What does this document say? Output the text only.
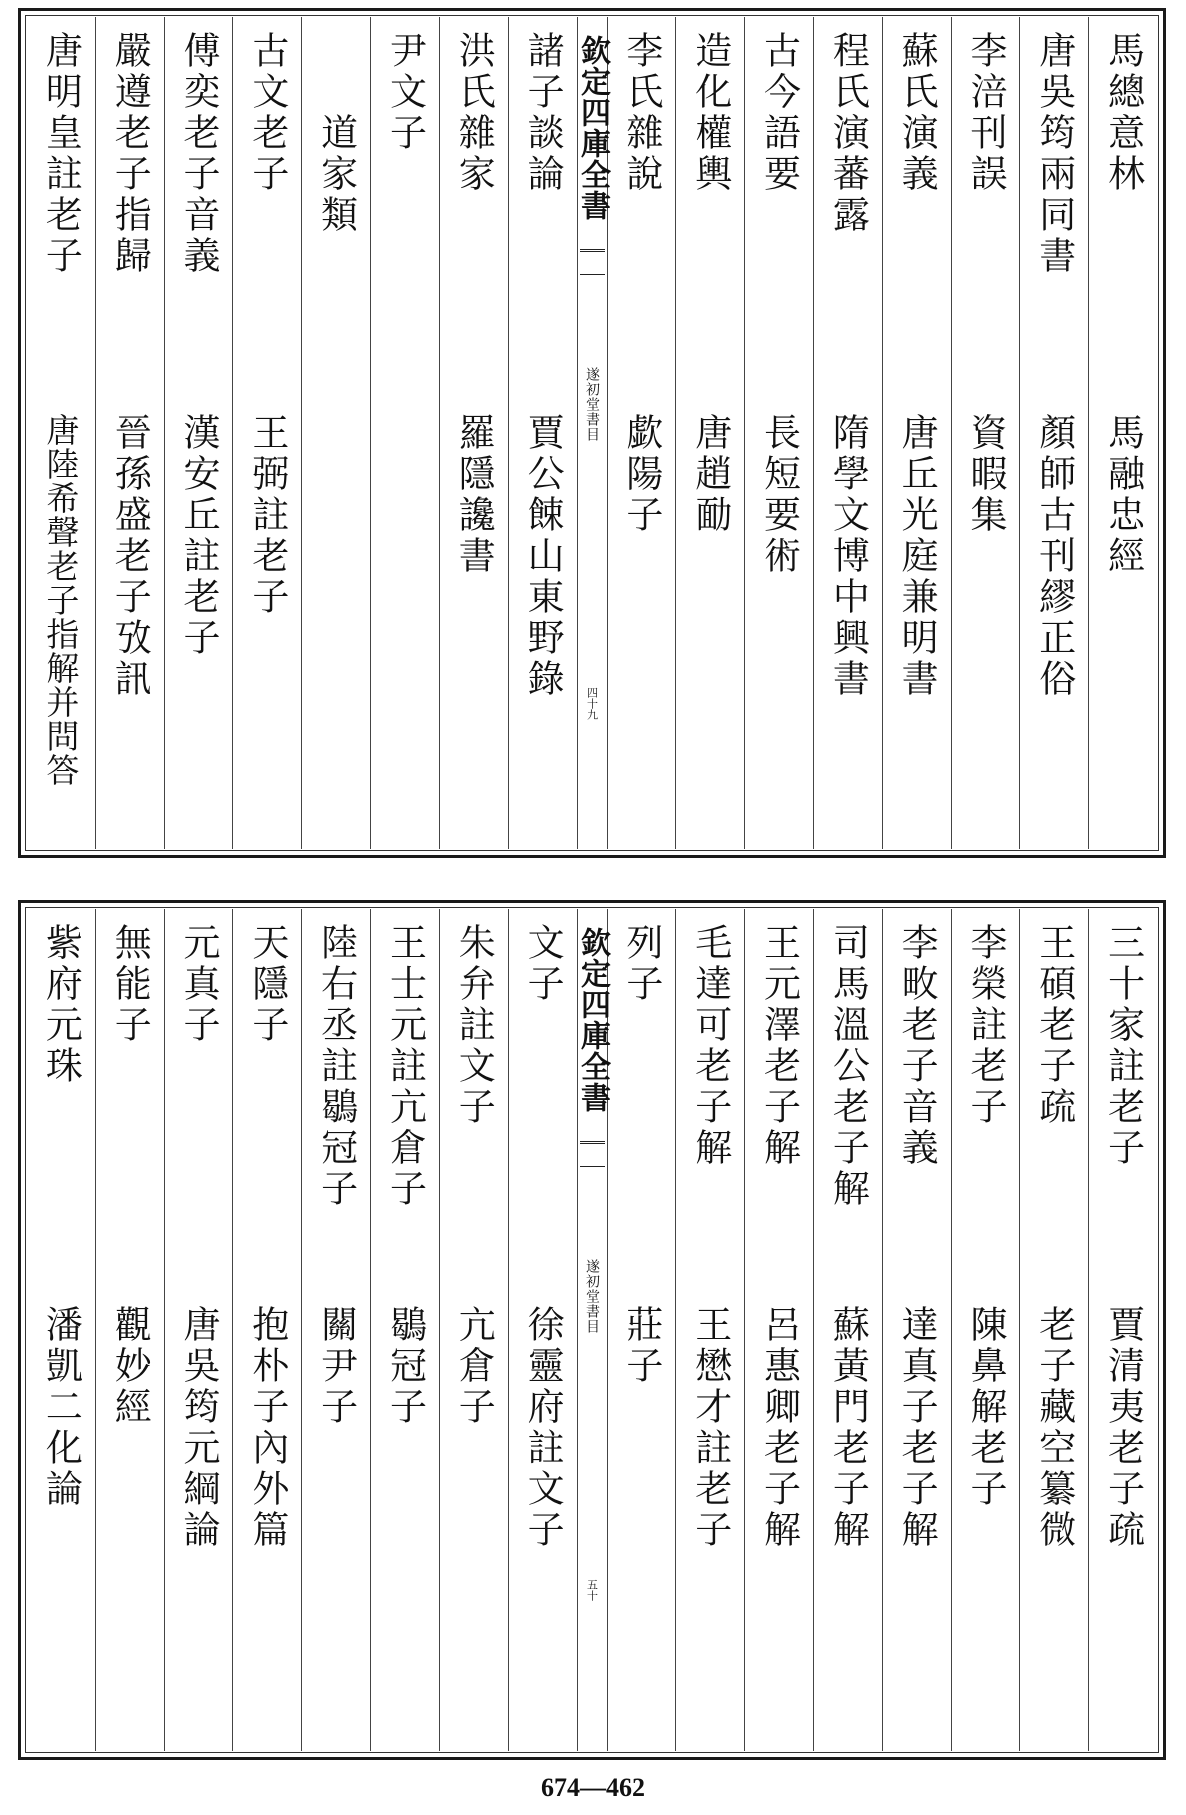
馬總意林
馬融忠經
唐吳筠兩同書
顏師古刊繆正俗
李涪刊誤
資暇集
蘇氏演義
唐丘光庭兼明書
程氏演蕃露
隋學文博中興書
古今語要
長短要術
造化權輿
唐趙勔
李氏雜說
歔陽子
欽定四庫全書
遂初堂書目
四十九
諸子談論
賈公餗山東野錄
洪氏雜家
羅隱讒書
尹文子
道家類
古文老子
王弼註老子
傅奕老子音義
漢安丘註老子
嚴遵老子指歸
晉孫盛老子攷訊
唐明皇註老子
唐陸希聲老子指解并問答
三十家註老子
賈清夷老子疏
王碩老子疏
老子藏空纂微
李榮註老子
陳鼻解老子
李畋老子音義
達真子老子解
司馬溫公老子解
蘇黃門老子解
王元澤老子解
呂惠卿老子解
毛達可老子解
王懋才註老子
列子
莊子
欽定四庫全書
遂初堂書目
五十
文子
徐靈府註文子
朱弁註文子
亢倉子
王士元註亢倉子
鶡冠子
陸右丞註鶡冠子
關尹子
天隱子
抱朴子內外篇
元真子
唐吳筠元綱論
無能子
觀妙經
紫府元珠
潘凱二化論
674—462
